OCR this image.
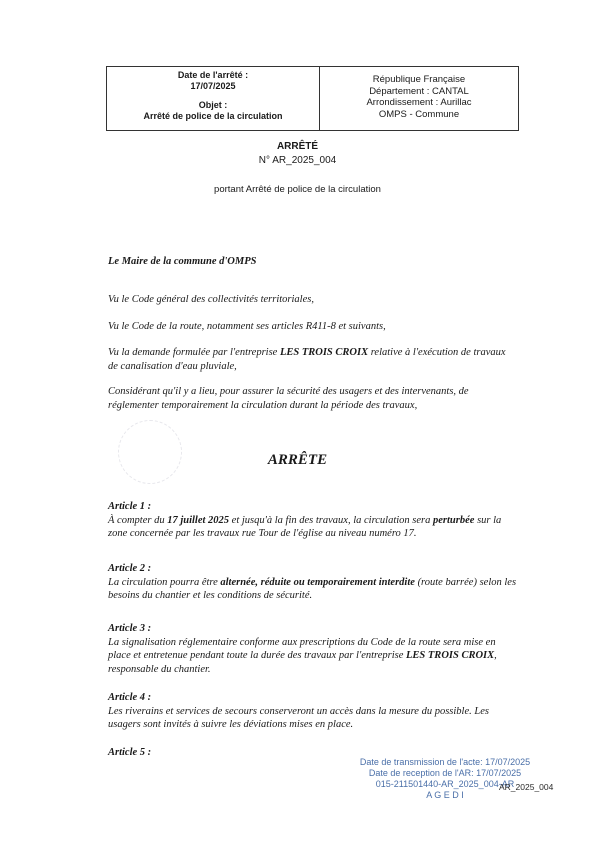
Date de l'arrêté :
17/07/2025
Objet :
Arrêté de police de la circulation
République Française
Département : CANTAL
Arrondissement : Aurillac
OMPS - Commune
ARRÊTÉ
N° AR_2025_004
portant Arrêté de police de la circulation
Le Maire de la commune d'OMPS
Vu le Code général des collectivités territoriales,
Vu le Code de la route, notamment ses articles R411-8 et suivants,
Vu la demande formulée par l'entreprise LES TROIS CROIX relative à l'exécution de travaux de canalisation d'eau pluviale,
Considérant qu'il y a lieu, pour assurer la sécurité des usagers et des intervenants, de réglementer temporairement la circulation durant la période des travaux,
ARRÊTE
Article 1 :
À compter du 17 juillet 2025 et jusqu'à la fin des travaux, la circulation sera perturbée sur la zone concernée par les travaux rue Tour de l'église au niveau numéro 17.
Article 2 :
La circulation pourra être alternée, réduite ou temporairement interdite (route barrée) selon les besoins du chantier et les conditions de sécurité.
Article 3 :
La signalisation réglementaire conforme aux prescriptions du Code de la route sera mise en place et entretenue pendant toute la durée des travaux par l'entreprise LES TROIS CROIX, responsable du chantier.
Article 4 :
Les riverains et services de secours conserveront un accès dans la mesure du possible. Les usagers sont invités à suivre les déviations mises en place.
Article 5 :
Date de transmission de l'acte: 17/07/2025
Date de reception de l'AR: 17/07/2025
015-211501440-AR_2025_004-AR
A G E D I
AR_2025_004
